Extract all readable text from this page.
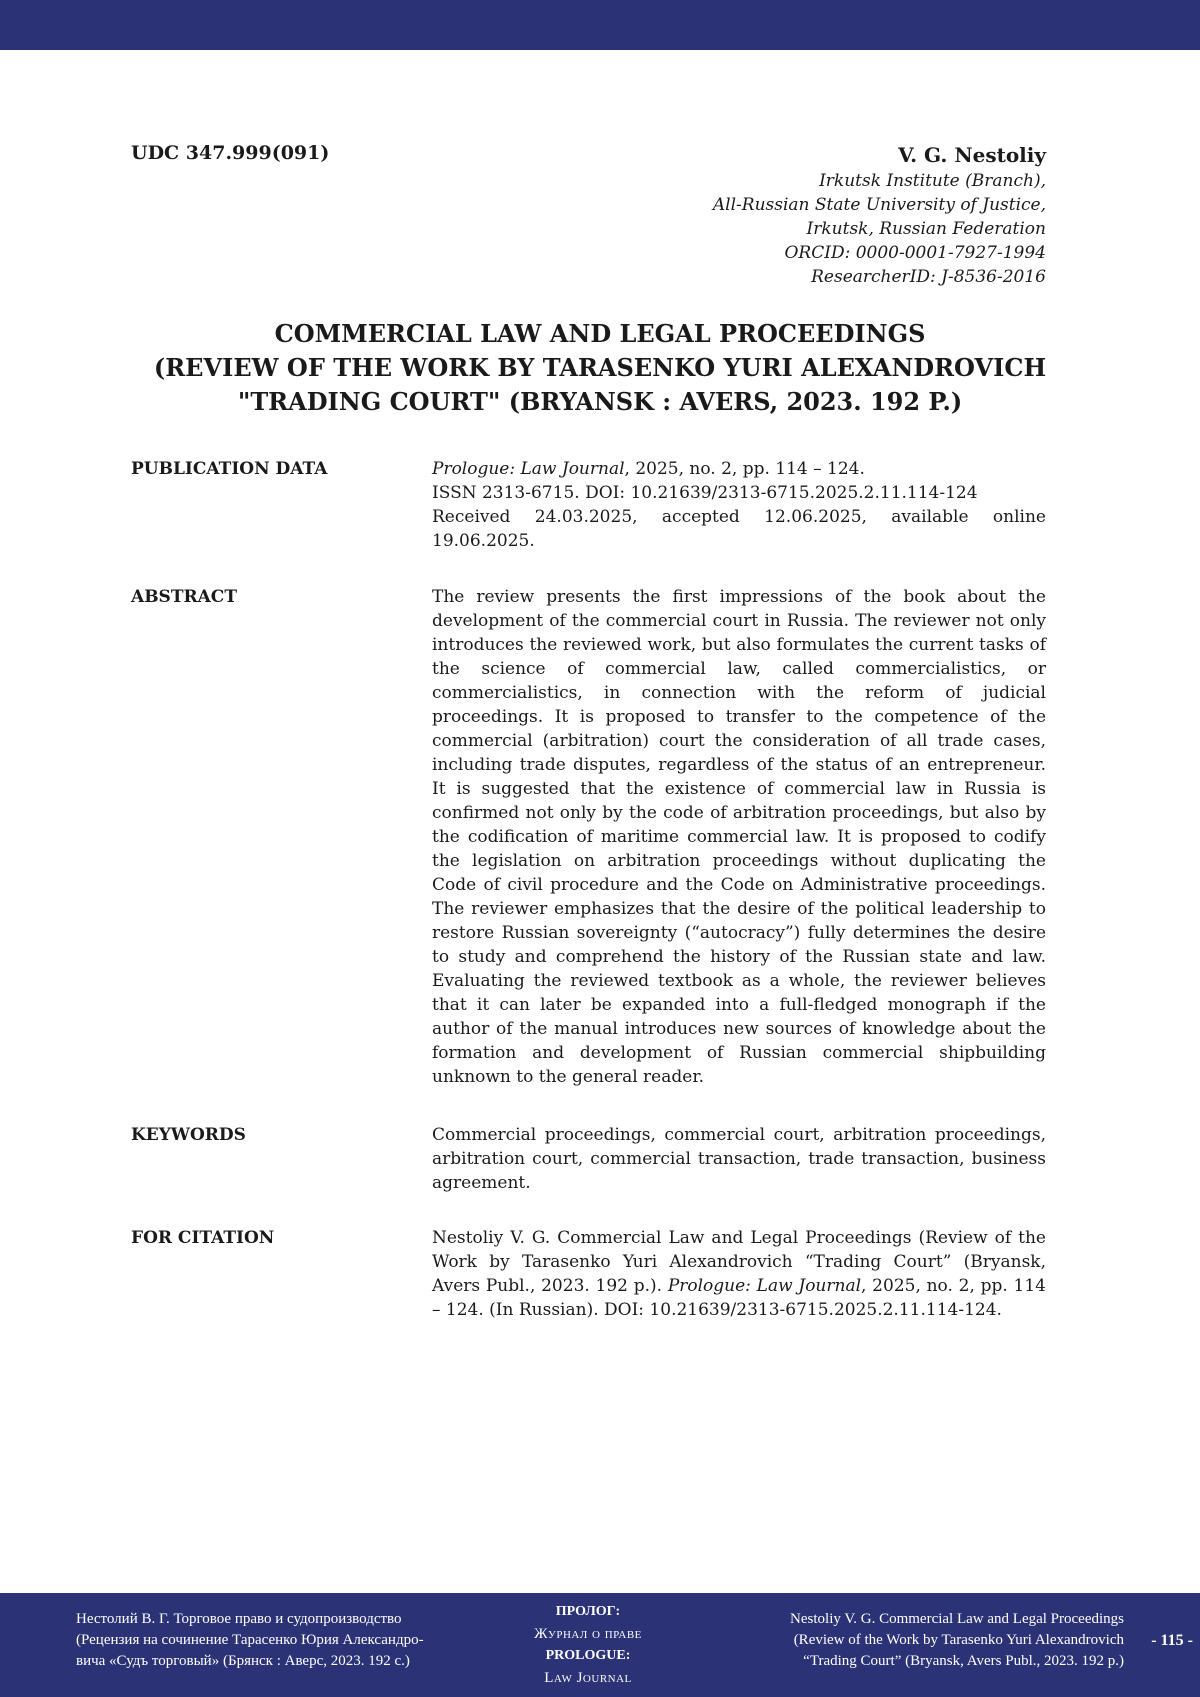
UDC 347.999(091)	V. G. Nestoliy
Irkutsk Institute (Branch),
All-Russian State University of Justice,
Irkutsk, Russian Federation
ORCID: 0000-0001-7927-1994
ResearcherID: J-8536-2016
COMMERCIAL LAW AND LEGAL PROCEEDINGS
(REVIEW OF THE WORK BY TARASENKO YURI ALEXANDROVICH
"TRADING COURT" (BRYANSK : AVERS, 2023. 192 P.)
PUBLICATION DATA	Prologue: Law Journal, 2025, no. 2, pp. 114 – 124.

ISSN 2313-6715. DOI: 10.21639/2313-6715.2025.2.11.114-124

Received 24.03.2025, accepted 12.06.2025, available online 19.06.2025.

ABSTRACT	The review presents the first impressions of the book about the development of the commercial court in Russia. The reviewer not only introduces the reviewed work, but also formulates the current tasks of the science of commercial law, called commercialistics, or commercialistics, in connection with the reform of judicial proceedings. It is proposed to transfer to the competence of the commercial (arbitration) court the consideration of all trade cases, including trade disputes, regardless of the status of an entrepreneur. It is suggested that the existence of commercial law in Russia is confirmed not only by the code of arbitration proceedings, but also by the codification of maritime commercial law. It is proposed to codify the legislation on arbitration proceedings without duplicating the Code of civil procedure and the Code on Administrative proceedings. The reviewer emphasizes that the desire of the political leadership to restore Russian sovereignty (“autocracy”) fully determines the desire to study and comprehend the history of the Russian state and law. Evaluating the reviewed textbook as a whole, the reviewer believes that it can later be expanded into a full-fledged monograph if the author of the manual introduces new sources of knowledge about the formation and development of Russian commercial shipbuilding unknown to the general reader.
KEYWORDS	Commercial proceedings, commercial court, arbitration proceedings, arbitration court, commercial transaction, trade transaction, business agreement.
FOR CITATION	Nestoliy V. G. Commercial Law and Legal Proceedings (Review of the Work by Tarasenko Yuri Alexandrovich “Trading Court” (Bryansk, Avers Publ., 2023. 192 p.). Prologue: Law Journal, 2025, no. 2, pp. 114 – 124. (In Russian). DOI: 10.21639/2313-6715.2025.2.11.114-124.
Нестолий В. Г. Торговое право и судопроизводство
(Рецензия на сочинение Тарасенко Юрия Александро-
вича «Судъ торговый» (Брянск : Аверс, 2023. 192 с.)
ПРОЛОГ:
Журнал о праве
PROLOGUE:
Law Journal
Nestoliy V. G. Commercial Law and Legal Proceedings
(Review of the Work by Tarasenko Yuri Alexandrovich
“Trading Court” (Bryansk, Avers Publ., 2023. 192 p.)
- 115 -
